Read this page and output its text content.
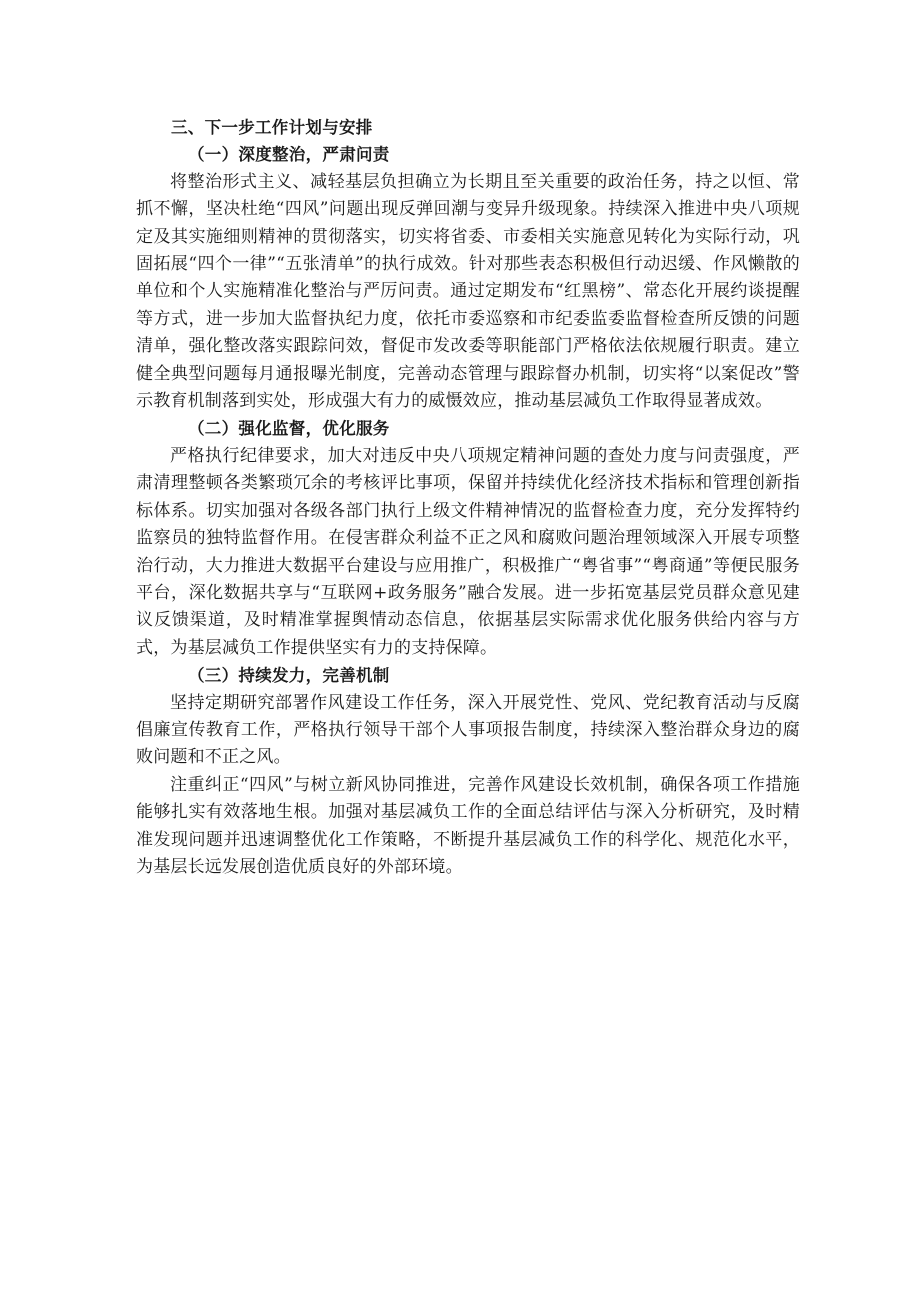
三、下一步工作计划与安排

（一）深度整治，严肃问责

将整治形式主义、减轻基层负担确立为长期且至关重要的政治任务，持之以恒、常抓不懈，坚决杜绝“四风”问题出现反弹回潮与变异升级现象。持续深入推进中央八项规定及其实施细则精神的贯彻落实，切实将省委、市委相关实施意见转化为实际行动，巩固拓展“四个一律”“五张清单”的执行成效。针对那些表态积极但行动迟缓、作风懒散的单位和个人实施精准化整治与严厉问责。通过定期发布“红黑榜”、常态化开展约谈提醒等方式，进一步加大监督执纪力度，依托市委巡察和市纪委监委监督检查所反馈的问题清单，强化整改落实跟踪问效，督促市发改委等职能部门严格依法依规履行职责。建立健全典型问题每月通报曝光制度，完善动态管理与跟踪督办机制，切实将“以案促改”警示教育机制落到实处，形成强大有力的威慑效应，推动基层减负工作取得显著成效。

（二）强化监督，优化服务

严格执行纪律要求，加大对违反中央八项规定精神问题的查处力度与问责强度，严肃清理整顿各类繁琐冗余的考核评比事项，保留并持续优化经济技术指标和管理创新指标体系。切实加强对各级各部门执行上级文件精神情况的监督检查力度，充分发挥特约监察员的独特监督作用。在侵害群众利益不正之风和腐败问题治理领域深入开展专项整治行动，大力推进大数据平台建设与应用推广，积极推广“粤省事”“粤商通”等便民服务平台，深化数据共享与“互联网+政务服务”融合发展。进一步拓宽基层党员群众意见建议反馈渠道，及时精准掌握舆情动态信息，依据基层实际需求优化服务供给内容与方式，为基层减负工作提供坚实有力的支持保障。

（三）持续发力，完善机制

坚持定期研究部署作风建设工作任务，深入开展党性、党风、党纪教育活动与反腐倡廉宣传教育工作，严格执行领导干部个人事项报告制度，持续深入整治群众身边的腐败问题和不正之风。

注重纠正“四风”与树立新风协同推进，完善作风建设长效机制，确保各项工作措施能够扎实有效落地生根。加强对基层减负工作的全面总结评估与深入分析研究，及时精准发现问题并迅速调整优化工作策略，不断提升基层减负工作的科学化、规范化水平，为基层长远发展创造优质良好的外部环境。
